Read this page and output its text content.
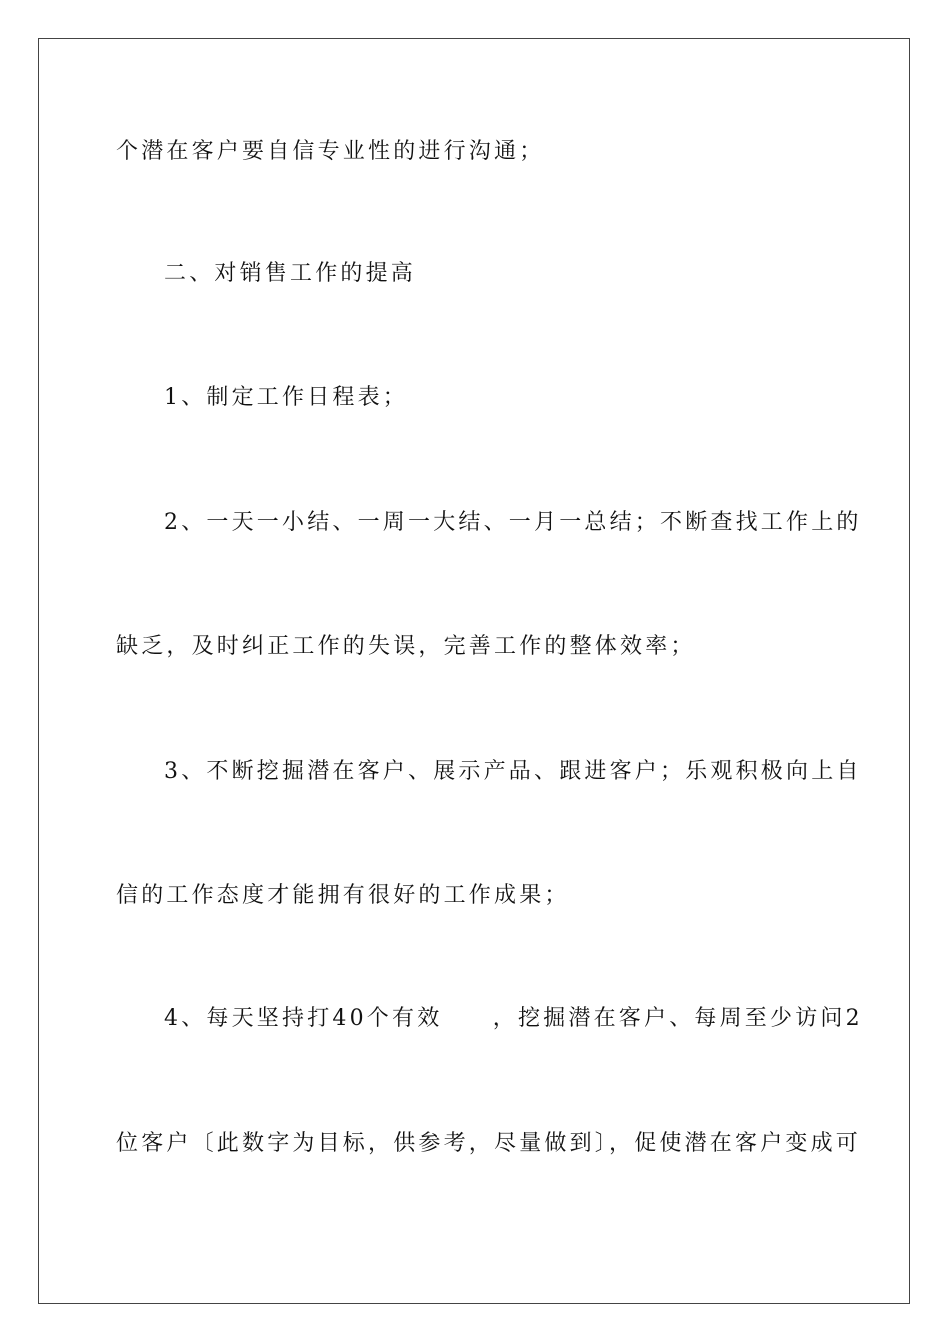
个潜在客户要自信专业性的进行沟通；
二、对销售工作的提高
1、制定工作日程表；
2、一天一小结、一周一大结、一月一总结；不断查找工作上的
缺乏，及时纠正工作的失误，完善工作的整体效率；
3、不断挖掘潜在客户、展示产品、跟进客户；乐观积极向上自
信的工作态度才能拥有很好的工作成果；
4、每天坚持打40个有效　　，挖掘潜在客户、每周至少访问2
位客户〔此数字为目标，供参考，尽量做到〕，促使潜在客户变成可
